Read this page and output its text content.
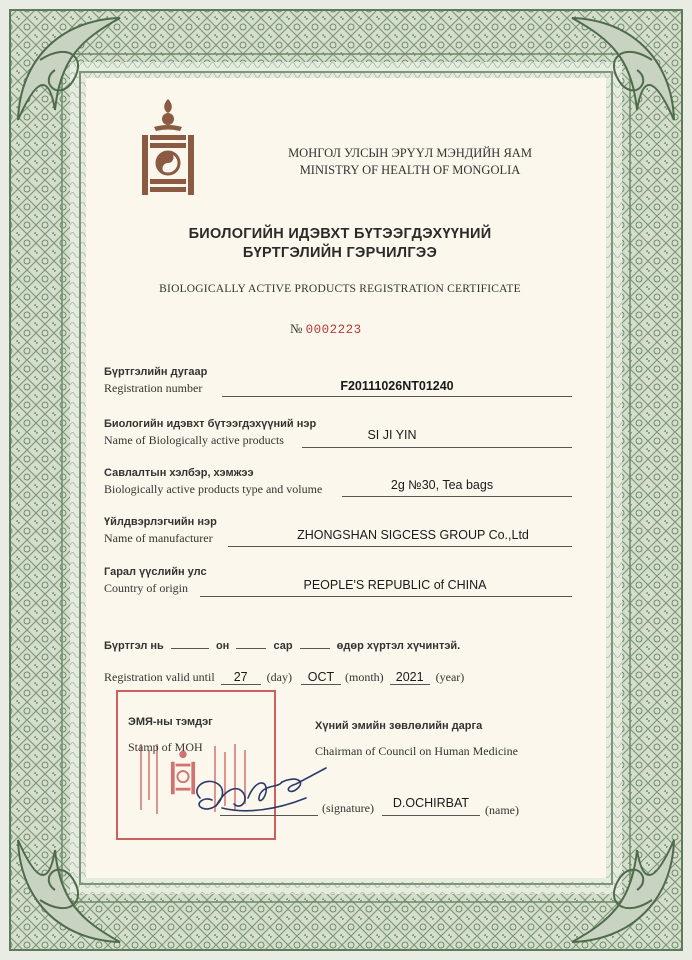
МОНГОЛ УЛСЫН ЭРҮҮЛ МЭНДИЙН ЯАМ
MINISTRY OF HEALTH OF MONGOLIA
БИОЛОГИЙН ИДЭВХТ БҮТЭЭГДЭХҮҮНИЙ
БҮРТГЭЛИЙН ГЭРЧИЛГЭЭ
BIOLOGICALLY ACTIVE PRODUCTS REGISTRATION CERTIFICATE
№ 0002223
Бүртгэлийн дугаар
Registration number	F20111026NT01240
Биологийн идэвхт бүтээгдэхүүний нэр
Name of Biologically active products	SI JI YIN
Савлалтын хэлбэр, хэмжээ
Biologically active products type and volume	2g №30, Tea bags
Үйлдвэрлэгчийн нэр
Name of manufacturer	ZHONGSHAN SIGCESS GROUP Co.,Ltd
Гарал үүслийн улс
Country of origin	PEOPLE'S REPUBLIC of CHINA
Бүртгэл нь	он	сар	өдөр хүртэл хүчинтэй.
Registration valid until 27 (day) OCT (month) 2021 (year)
ЭМЯ-ны тэмдэг
Stamp of MOH
Хүний эмийн зөвлөлийн дарга
Chairman of Council on Human Medicine
(signature)	D.OCHIRBAT	(name)
